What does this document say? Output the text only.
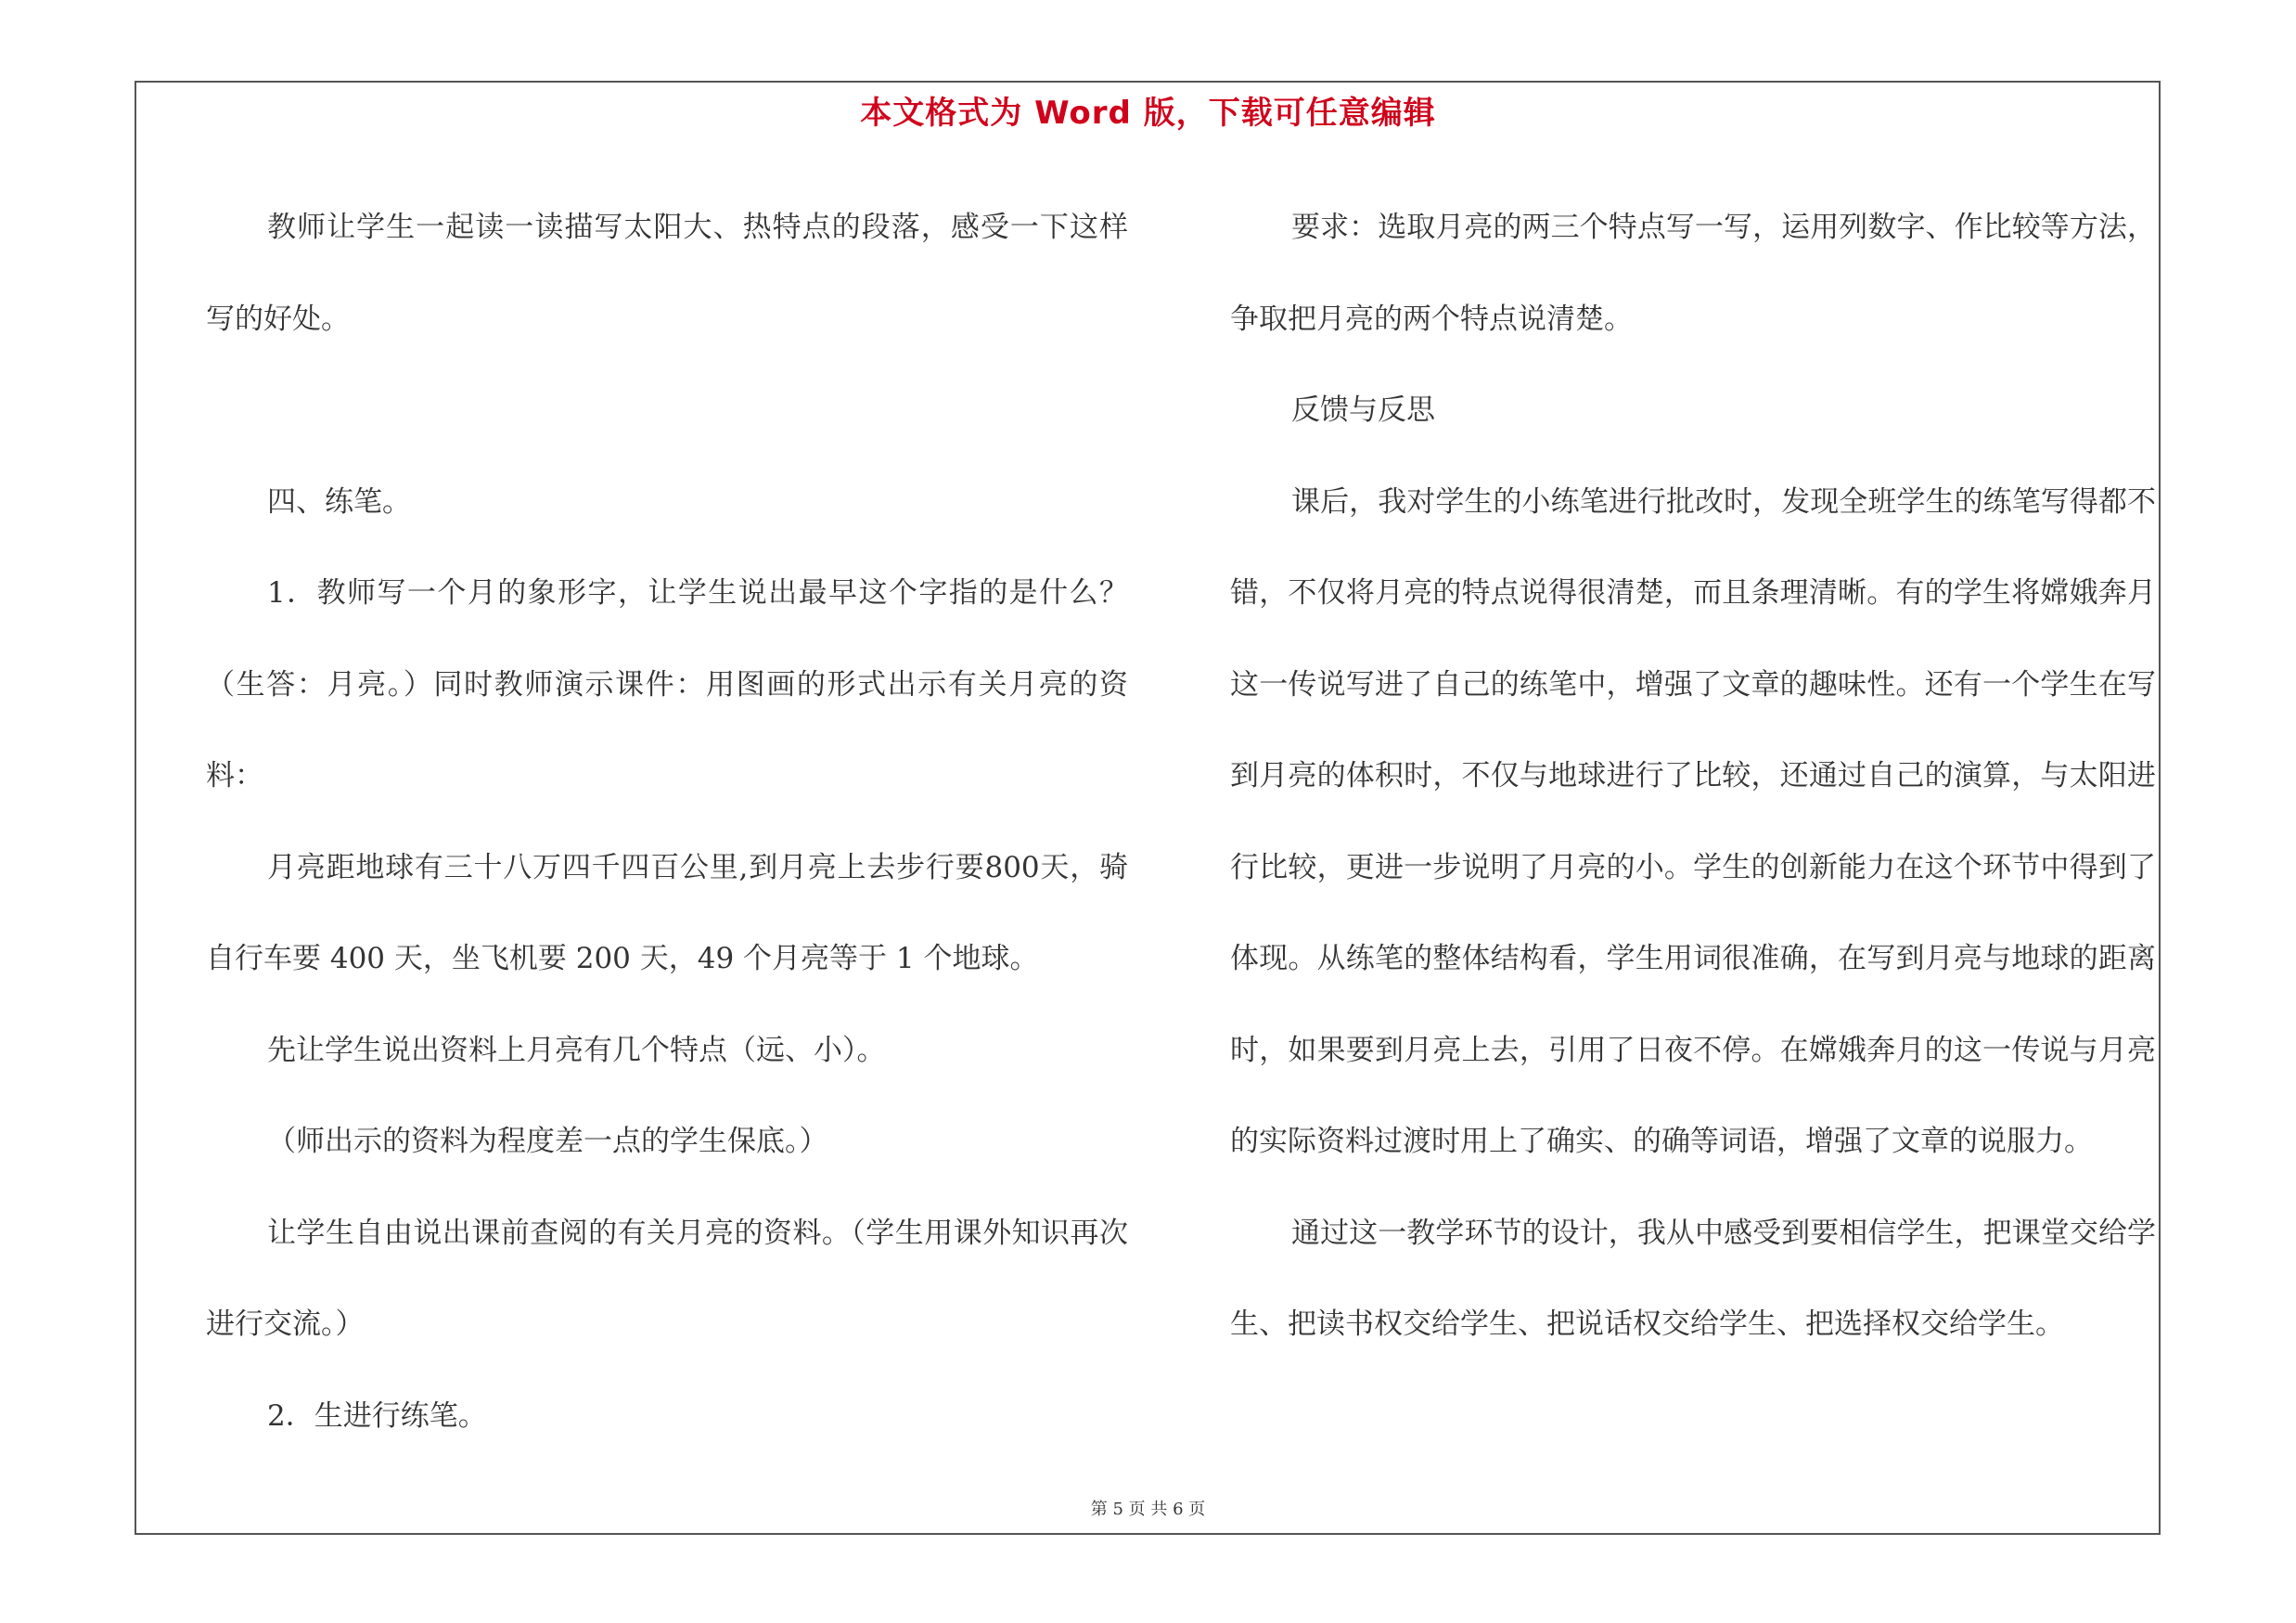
本文格式为 Word 版，下载可任意编辑

教师让学生一起读一读描写太阳大、热特点的段落，感受一下这样写的好处。

四、练笔。

1．教师写一个月的象形字，让学生说出最早这个字指的是什么？（生答：月亮。）同时教师演示课件：用图画的形式出示有关月亮的资料：

月亮距地球有三十八万四千四百公里,到月亮上去步行要800天，骑自行车要 400 天，坐飞机要 200 天，49 个月亮等于 1 个地球。

先让学生说出资料上月亮有几个特点（远、小）。

（师出示的资料为程度差一点的学生保底。）

让学生自由说出课前查阅的有关月亮的资料。（学生用课外知识再次进行交流。）

2．生进行练笔。

要求：选取月亮的两三个特点写一写，运用列数字、作比较等方法，争取把月亮的两个特点说清楚。

反馈与反思

课后，我对学生的小练笔进行批改时，发现全班学生的练笔写得都不错，不仅将月亮的特点说得很清楚，而且条理清晰。有的学生将嫦娥奔月这一传说写进了自己的练笔中，增强了文章的趣味性。还有一个学生在写到月亮的体积时，不仅与地球进行了比较，还通过自己的演算，与太阳进行比较，更进一步说明了月亮的小。学生的创新能力在这个环节中得到了体现。从练笔的整体结构看，学生用词很准确，在写到月亮与地球的距离时，如果要到月亮上去，引用了日夜不停。在嫦娥奔月的这一传说与月亮的实际资料过渡时用上了确实、的确等词语，增强了文章的说服力。

通过这一教学环节的设计，我从中感受到要相信学生，把课堂交给学生、把读书权交给学生、把说话权交给学生、把选择权交给学生。

第 5 页 共 6 页
